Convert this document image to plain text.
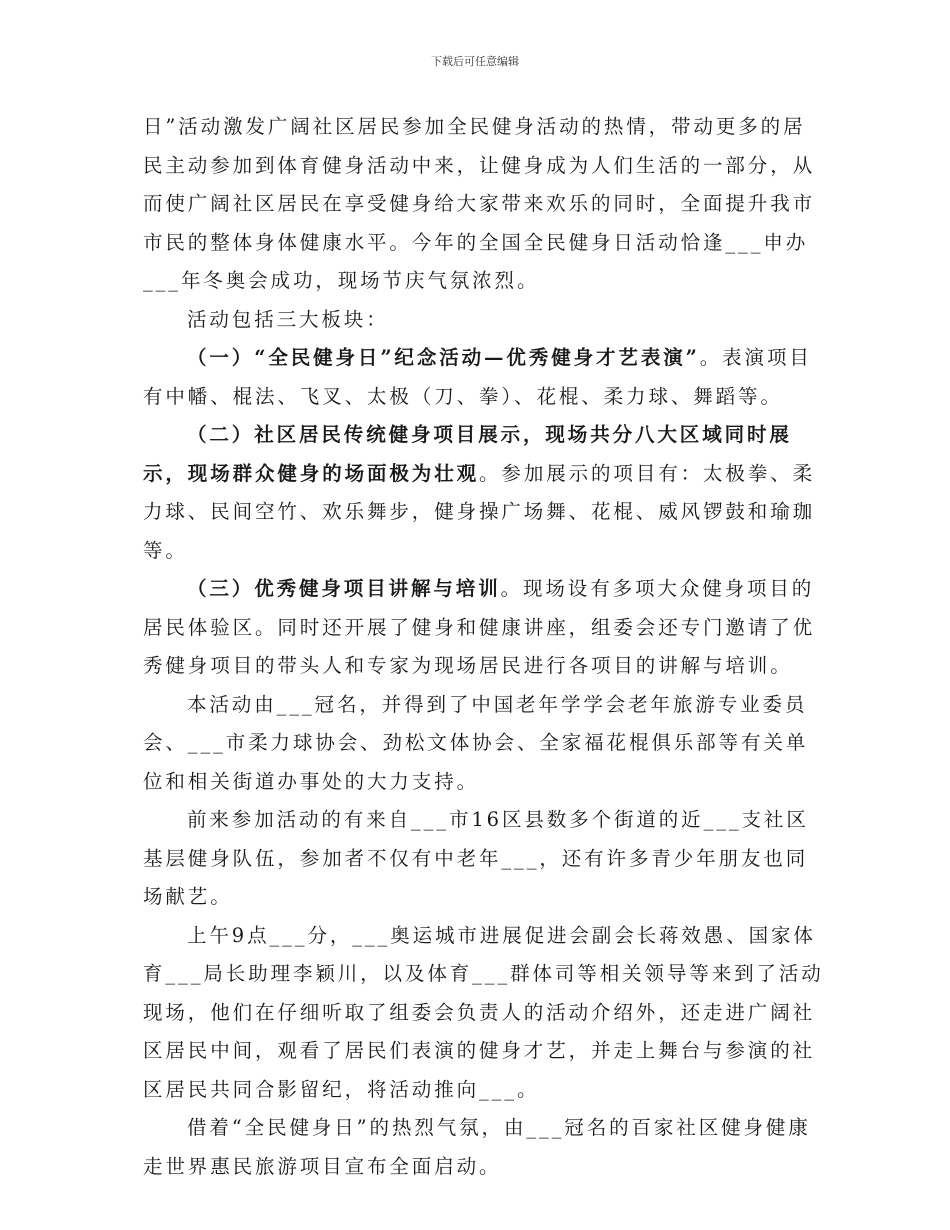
下载后可任意编辑

日”活动激发广阔社区居民参加全民健身活动的热情，带动更多的居民主动参加到体育健身活动中来，让健身成为人们生活的一部分，从而使广阔社区居民在享受健身给大家带来欢乐的同时，全面提升我市市民的整体身体健康水平。今年的全国全民健身日活动恰逢___申办___年冬奥会成功，现场节庆气氛浓烈。

活动包括三大板块：

（一）“全民健身日”纪念活动—优秀健身才艺表演”。表演项目有中幡、棍法、飞叉、太极（刀、拳）、花棍、柔力球、舞蹈等。

（二）社区居民传统健身项目展示，现场共分八大区域同时展示，现场群众健身的场面极为壮观。参加展示的项目有：太极拳、柔力球、民间空竹、欢乐舞步，健身操广场舞、花棍、威风锣鼓和瑜珈等。

（三）优秀健身项目讲解与培训。现场设有多项大众健身项目的居民体验区。同时还开展了健身和健康讲座，组委会还专门邀请了优秀健身项目的带头人和专家为现场居民进行各项目的讲解与培训。

本活动由___冠名，并得到了中国老年学学会老年旅游专业委员会、___市柔力球协会、劲松文体协会、全家福花棍俱乐部等有关单位和相关街道办事处的大力支持。

前来参加活动的有来自___市16区县数多个街道的近___支社区基层健身队伍，参加者不仅有中老年___，还有许多青少年朋友也同场献艺。

上午9点___分，___奥运城市进展促进会副会长蒋效愚、国家体育___局长助理李颖川，以及体育___群体司等相关领导等来到了活动现场，他们在仔细听取了组委会负责人的活动介绍外，还走进广阔社区居民中间，观看了居民们表演的健身才艺，并走上舞台与参演的社区居民共同合影留纪，将活动推向___。

借着“全民健身日”的热烈气氛，由___冠名的百家社区健身健康走世界惠民旅游项目宣布全面启动。
